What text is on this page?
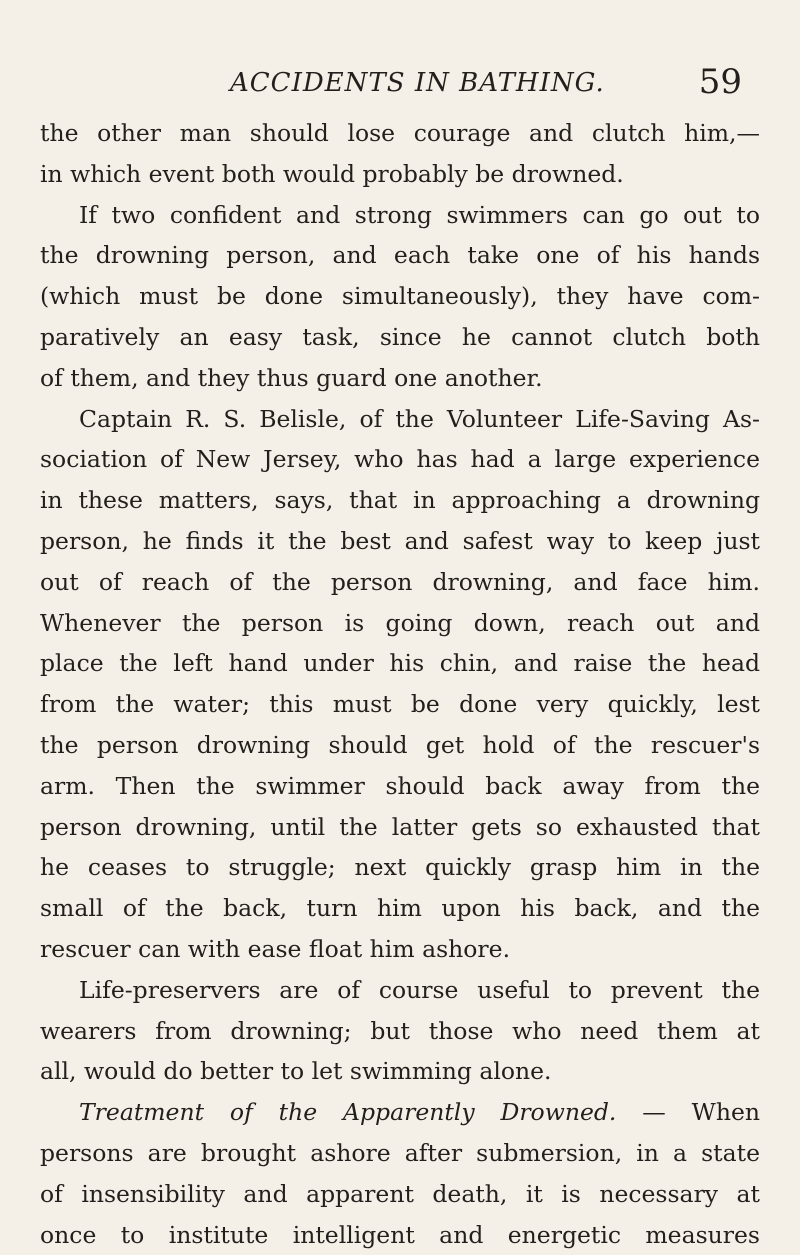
ACCIDENTS IN BATHING.	59
the other man should lose courage and clutch him,—
in which event both would probably be drowned.
If two confident and strong swimmers can go out to
the drowning person, and each take one of his hands
(which must be done simultaneously), they have com-
paratively an easy task, since he cannot clutch both
of them, and they thus guard one another.
Captain R. S. Belisle, of the Volunteer Life-Saving As-
sociation of New Jersey, who has had a large experience
in these matters, says, that in approaching a drowning
person, he finds it the best and safest way to keep just
out of reach of the person drowning, and face him.
Whenever the person is going down, reach out and
place the left hand under his chin, and raise the head
from the water; this must be done very quickly, lest
the person drowning should get hold of the rescuer's
arm. Then the swimmer should back away from the
person drowning, until the latter gets so exhausted that
he ceases to struggle; next quickly grasp him in the
small of the back, turn him upon his back, and the
rescuer can with ease float him ashore.
Life-preservers are of course useful to prevent the
wearers from drowning; but those who need them at
all, would do better to let swimming alone.
Treatment of the Apparently Drowned. — When
persons are brought ashore after submersion, in a state
of insensibility and apparent death, it is necessary at
once to institute intelligent and energetic measures
